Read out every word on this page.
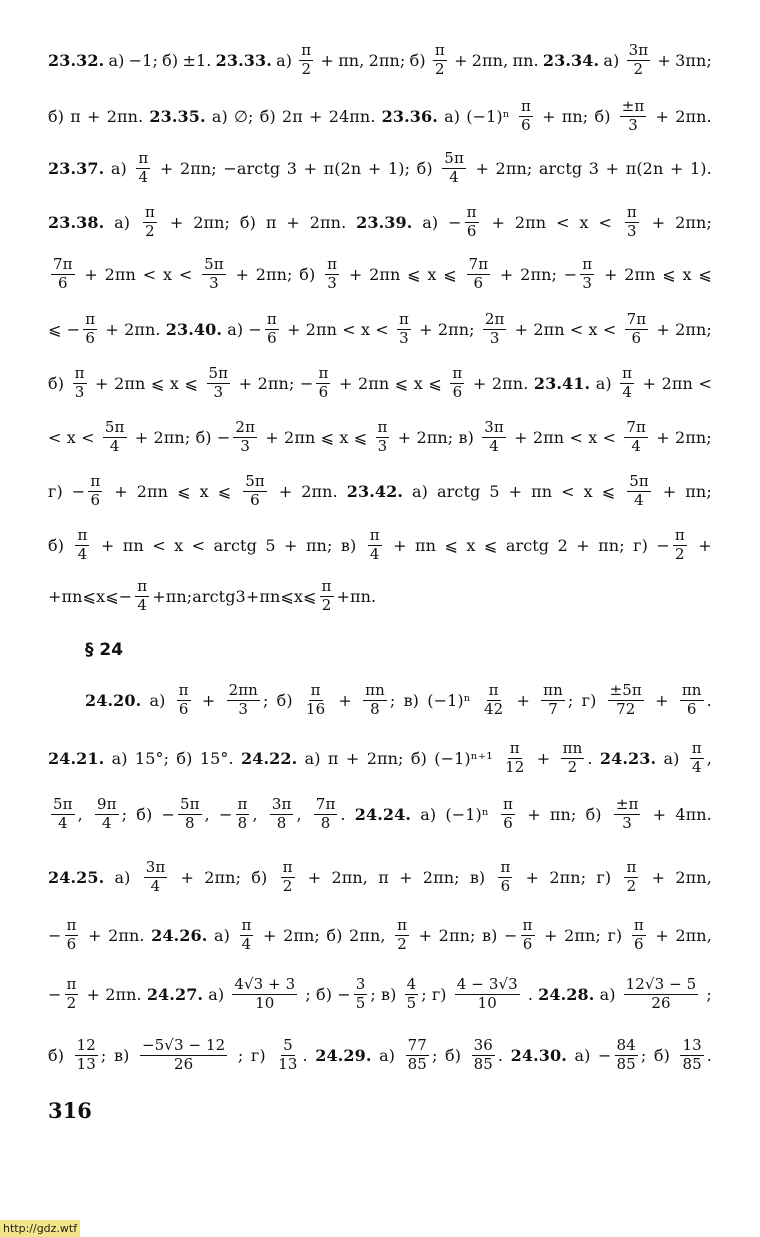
23.32. а) −1; б) ±1. 23.33. $а) \frac{\pi}{2} + \pi n$, 2πn; $б) \frac{\pi}{2} + 2\pi n$, πn. 23.34. $а) \frac{3\pi}{2} + 3\pi n$;
б) π + 2πn. 23.35. а) ∅; б) 2π + 24πn. 23.36. а) $(-1)^n \frac{\pi}{6} + \pi n$; $б) \frac{\pm\pi}{3} + 2\pi n$.
23.37. $а) \frac{\pi}{4} + 2\pi n$; −arctg 3 + π(2n + 1); $б) \frac{5\pi}{4} + 2\pi n$; arctg 3 + π(2n + 1).
23.38. $а) \frac{\pi}{2} + 2\pi n$; б) π + 2πn. 23.39. $а) - \frac{\pi}{6} + 2\pi n < x < \frac{\pi}{3} + 2\pi n$;
$\frac{7\pi}{6} + 2\pi n < x < \frac{5\pi}{3} + 2\pi n$; $б) \frac{\pi}{3} + 2\pi n$ ⩽ x ⩽ $\frac{7\pi}{6} + 2\pi n$; − $\frac{\pi}{3} + 2\pi n$ ⩽ x ⩽
⩽ − $\frac{\pi}{6} + 2\pi n$. 23.40. $а) - \frac{\pi}{6} + 2\pi n < x < \frac{\pi}{3} + 2\pi n$; $\frac{2\pi}{3} + 2\pi n < x < \frac{7\pi}{6} + 2\pi n$;
$б) \frac{\pi}{3} + 2\pi n$ ⩽ x ⩽ $\frac{5\pi}{3} + 2\pi n$; − $\frac{\pi}{6} + 2\pi n$ ⩽ x ⩽ $\frac{\pi}{6} + 2\pi n$. 23.41. $а) \frac{\pi}{4} + 2\pi n$ <
< $x < \frac{5\pi}{4} + 2\pi n$; $б) - \frac{2\pi}{3} + 2\pi n$ ⩽ x ⩽ $\frac{\pi}{3} + 2\pi n$; $в) \frac{3\pi}{4} + 2\pi n < x < \frac{7\pi}{4} + 2\pi n$;
$г) - \frac{\pi}{6} + 2\pi n$ ⩽ x ⩽ $\frac{5\pi}{6} + 2\pi n$. 23.42. а) arctg 5 + πn < x ⩽ $\frac{5\pi}{4} + \pi n$;
$б) \frac{\pi}{4} + \pi n < x$ < arctg 5 + πn; $в) \frac{\pi}{4} + \pi n$ ⩽ x ⩽ arctg 2 + πn; $г) - \frac{\pi}{2}$ +
+ πn ⩽ x ⩽ − $\frac{\pi}{4} + \pi n$; arctg 3 + πn ⩽ x ⩽ $\frac{\pi}{2} + \pi n$.
24.20. $а) \frac{\pi}{6} + \frac{2\pi n}{3}$ ; $б) \frac{\pi}{16} + \frac{\pi n}{8}$ ; в) $(-1)^n \frac{\pi}{42} + \frac{\pi n}{7}$ ; $г) \frac{\pm 5\pi}{72} + \frac{\pi n}{6}$ .
24.21. а) 15°; б) 15°. 24.22. а) π + 2πn; б) $(-1)^{n+1} \frac{\pi}{12} + \frac{\pi n}{2}$ . 24.23. $а) \frac{\pi}{4}$ ,
$\frac{5\pi}{4}$ , $\frac{9\pi}{4}$ ; $б) - \frac{5\pi}{8}$ , − $\frac{\pi}{8}$ , $\frac{3\pi}{8}$ , $\frac{7\pi}{8}$ . 24.24. а) $(-1)^n \frac{\pi}{6} + \pi n$; $б) \frac{\pm\pi}{3} + 4\pi n$.
24.25. $а) \frac{3\pi}{4} + 2\pi n$; $б) \frac{\pi}{2} + 2\pi n$, π + 2πn; $в) \frac{\pi}{6} + 2\pi n$; $г) \frac{\pi}{2} + 2\pi n$,
− $\frac{\pi}{6} + 2\pi n$. 24.26. $а) \frac{\pi}{4} + 2\pi n$; б) 2πn, $\frac{\pi}{2} + 2\pi n$; $в) - \frac{\pi}{6} + 2\pi n$; $г) \frac{\pi}{6} + 2\pi n$,
− $\frac{\pi}{2} + 2\pi n$. 24.27. $а) \frac{4√3 + 3}{10}$ ; $б) - \frac{3}{5}$ ; $в) \frac{4}{5}$ ; $г) \frac{4 - 3√3}{10}$ . 24.28. $а) \frac{12√3 - 5}{26}$ ;
$б) \frac{12}{13}$ ; $в) \frac{-5√3 - 12}{26}$ ; $г) \frac{5}{13}$ . 24.29. $а) \frac{77}{85}$ ; $б) \frac{36}{85}$ . 24.30. $а) - \frac{84}{85}$ ; $б) \frac{13}{85}$ .
§ 24
316
http://gdz.wtf
